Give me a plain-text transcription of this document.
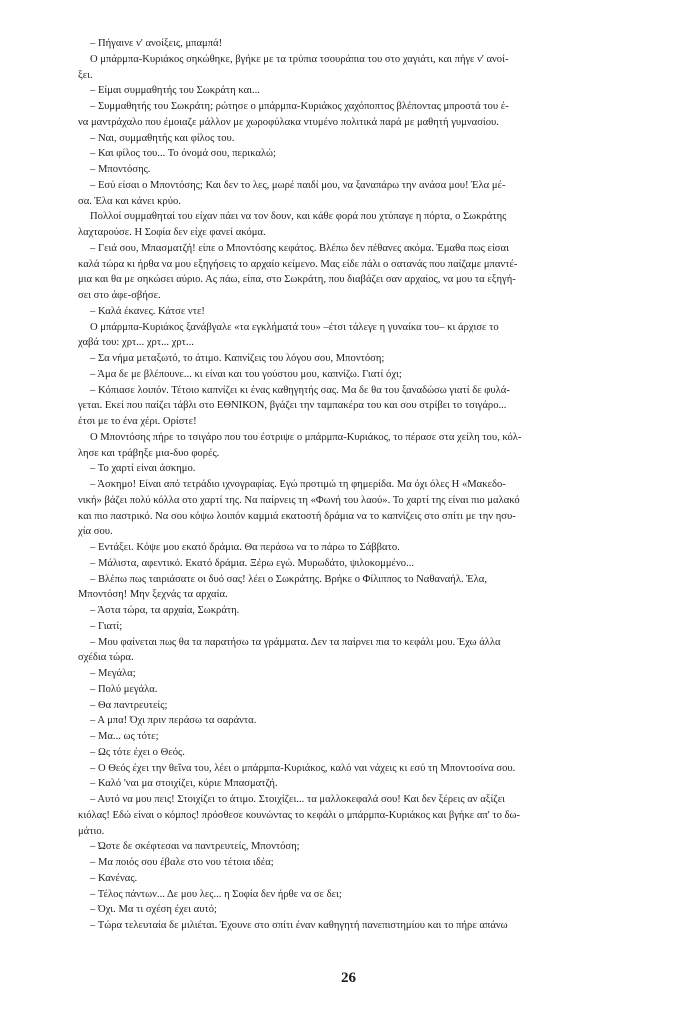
– Πήγαινε ν' ανοίξεις, μπαμπά!
Ο μπάρμπα-Κυριάκος σηκώθηκε, βγήκε με τα τρύπια τσουράπια του στο χαγιάτι, και πήγε ν' ανοί-
ξει.
– Είμαι συμμαθητής του Σωκράτη και...
– Συμμαθητής του Σωκράτη; ρώτησε ο μπάρμπα-Κυριάκος χαχόποπτος βλέποντας μπροστά του έ-
να μαντράχαλο που έμοιαζε μάλλον με χωροφύλακα ντυμένο πολιτικά παρά με μαθητή γυμνασίου.
– Ναι, συμμαθητής και φίλος του.
– Και φίλος του... Το όνομά σου, περικαλώ;
– Μποντόσης.
– Εσύ είσαι ο Μποντόσης; Και δεν το λες, μωρέ παιδί μου, να ξαναπάρω την ανάσα μου! Έλα μέ-
σα. Έλα και κάνει κρύο.
Πολλοί συμμαθηταί του είχαν πάει να τον δουν, και κάθε φορά που χτύπαγε η πόρτα, ο Σωκράτης
λαχταρούσε. Η Σοφία δεν είχε φανεί ακόμα.
– Γειά σου, Μπασματζή! είπε ο Μποντόσης κεφάτος. Βλέπω δεν πέθανες ακόμα. Έμαθα πως είσαι
καλά τώρα κι ήρθα να μου εξηγήσεις το αρχαίο κείμενο. Μας είδε πάλι ο σατανάς που παίζαμε μπαντέ-
μια και θα με σηκώσει αύριο. Ας πάω, είπα, στο Σωκράτη, που διαβάζει σαν αρχαίος, να μου τα εξηγή-
σει στο άφε-σβήσε.
– Καλά έκανες. Κάτσε ντε!
Ο μπάρμπα-Κυριάκος ξανάβγαλε «τα εγκλήματά του» –έτσι τάλεγε η γυναίκα του– κι άρχισε το
χαβά του: χρτ... χρτ... χρτ...
– Σα νήμα μεταξωτό, το άτιμο. Καπνίζεις του λόγου σου, Μποντόση;
– Άμα δε με βλέπουνε... κι είναι και του γούστου μου, καπνίζω. Γιατί όχι;
– Κόπιασε λοιπόν. Τέτοιο καπνίζει κι ένας καθηγητής σας. Μα δε θα του ξαναδώσω γιατί δε φυλά-
γεται. Εκεί που παίζει τάβλι στο ΕΘΝΙΚΟΝ, βγάζει την ταμπακέρα του και σου στρίβει το τσιγάρο...
έτσι με το ένα χέρι. Ορίστε!
Ο Μποντόσης πήρε το τσιγάρο που του έστριψε ο μπάρμπα-Κυριάκος, το πέρασε στα χείλη του, κόλ-
λησε και τράβηξε μια-δυο φορές.
– Το χαρτί είναι άσκημο.
– Άσκημο! Είναι από τετράδιο ιχνογραφίας. Εγώ προτιμώ τη φημερίδα. Μα όχι όλες Η «Μακεδο-
νική» βάζει πολύ κόλλα στο χαρτί της. Να παίρνεις τη «Φωνή του λαού». Το χαρτί της είναι πιο μαλακό
και πιο παστρικό. Να σου κόψω λοιπόν καμμιά εκατοστή δράμια να το καπνίζεις στο σπίτι με την ησυ-
χία σου.
– Εντάξει. Κόψε μου εκατό δράμια. Θα περάσω να το πάρω το Σάββατο.
– Μάλιστα, αφεντικό. Εκατό δράμια. Ξέρω εγώ. Μυρωδάτο, ψιλοκομμένο...
– Βλέπω πως ταιριάσατε οι δυό σας! λέει ο Σωκράτης. Βρήκε ο Φίλιππος το Ναθαναήλ. Έλα,
Μποντόση! Μην ξεχνάς τα αρχαία.
– Άστα τώρα, τα αρχαία, Σωκράτη.
– Γιατί;
– Μου φαίνεται πως θα τα παρατήσω τα γράμματα. Δεν τα παίρνει πια το κεφάλι μου. Έχω άλλα
σχέδια τώρα.
– Μεγάλα;
– Πολύ μεγάλα.
– Θα παντρευτείς;
– Α μπα! Όχι πριν περάσω τα σαράντα.
– Μα... ως τότε;
– Ως τότε έχει ο Θεός.
– Ο Θεός έχει την θεΐνα του, λέει ο μπάρμπα-Κυριάκος, καλό ναι νάχεις κι εσύ τη Μποντοσίνα σου.
– Καλό 'ναι μα στοιχίζει, κύριε Μπασματζή.
– Αυτό να μου πεις! Στοιχίζει το άτιμο. Στοιχίζει... τα μαλλοκεφαλά σου! Και δεν ξέρεις αν αξίζει
κιόλας! Εδώ είναι ο κόμπος! πρόσθεσε κουνώντας το κεφάλι ο μπάρμπα-Κυριάκος και βγήκε απ' το δω-
μάτιο.
– Ώστε δε σκέφτεσαι να παντρευτείς, Μποντόση;
– Μα ποιός σου έβαλε στο νου τέτοια ιδέα;
– Κανένας.
– Τέλος πάντων... Δε μου λες... η Σοφία δεν ήρθε να σε δει;
– Όχι. Μα τι σχέση έχει αυτό;
– Τώρα τελευταία δε μιλιέται. Έχουνε στο σπίτι έναν καθηγητή πανεπιστημίου και το πήρε απάνω
26
